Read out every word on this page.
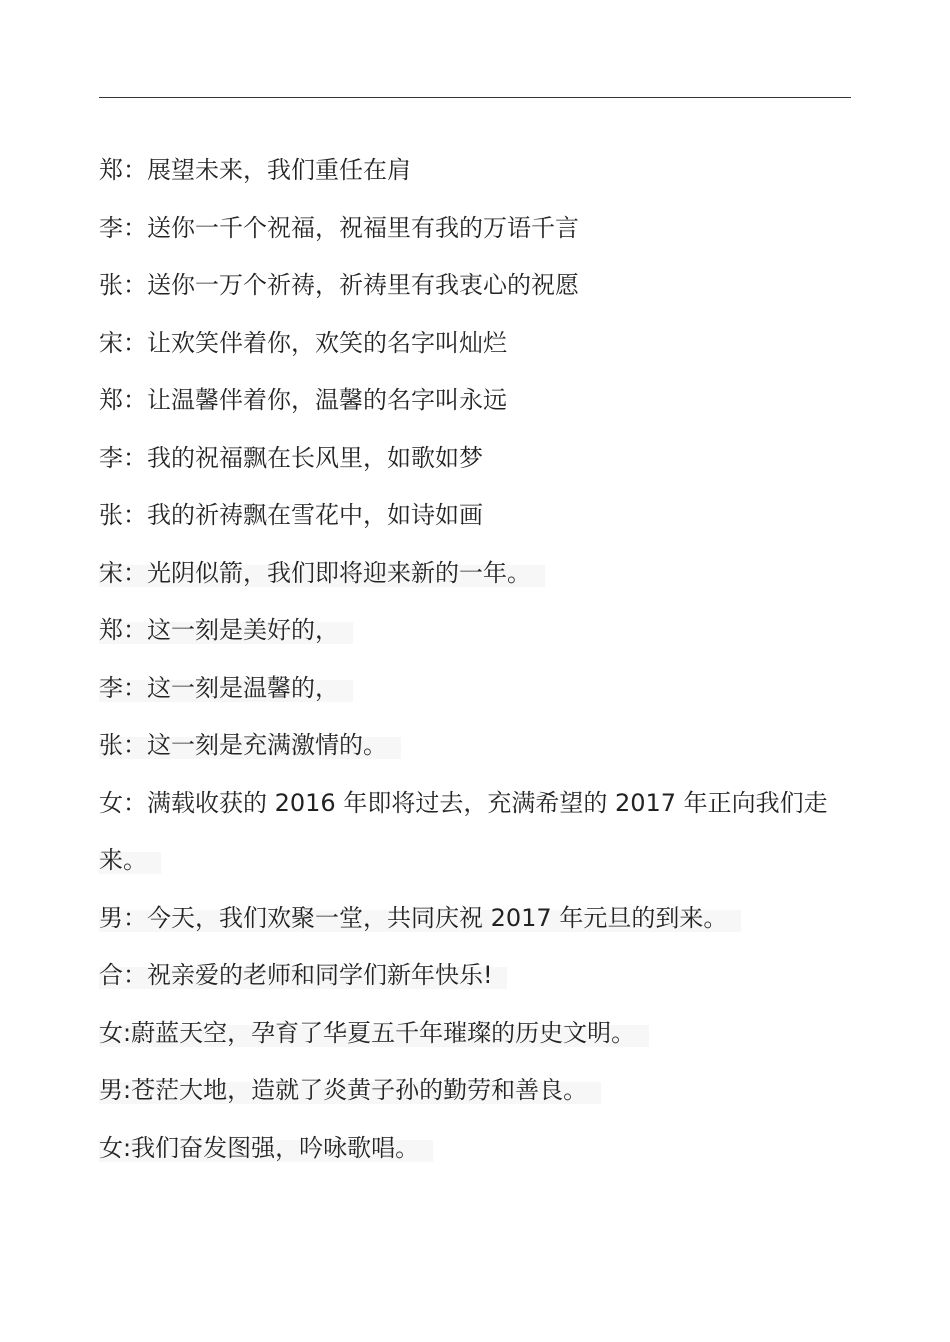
郑：展望未来，我们重任在肩
李：送你一千个祝福，祝福里有我的万语千言
张：送你一万个祈祷，祈祷里有我衷心的祝愿
宋：让欢笑伴着你，欢笑的名字叫灿烂
郑：让温馨伴着你，温馨的名字叫永远
李：我的祝福飘在长风里，如歌如梦
张：我的祈祷飘在雪花中，如诗如画
宋：光阴似箭，我们即将迎来新的一年。
郑：这一刻是美好的，
李：这一刻是温馨的，
张：这一刻是充满激情的。
女：满载收获的 2016 年即将过去，充满希望的 2017 年正向我们走
来。
男：今天，我们欢聚一堂，共同庆祝 2017 年元旦的到来。
合：祝亲爱的老师和同学们新年快乐!
女:蔚蓝天空，孕育了华夏五千年璀璨的历史文明。
男:苍茫大地，造就了炎黄子孙的勤劳和善良。
女:我们奋发图强，吟咏歌唱。
